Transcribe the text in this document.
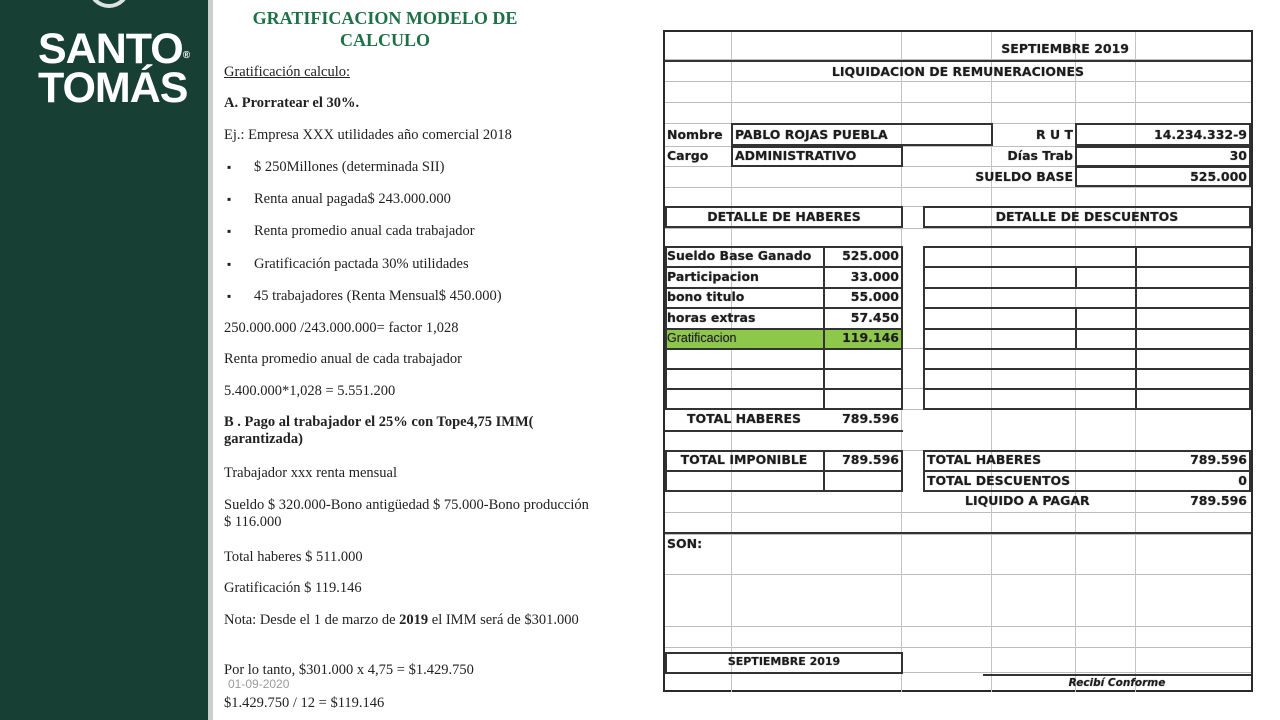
SANTO®
TOMÁS
GRATIFICACION MODELO DE CALCULO
Gratificación calculo:
A. Prorratear el 30%.
Ej.: Empresa XXX utilidades año comercial 2018
▪ $ 250Millones (determinada SII)
▪ Renta anual pagada$ 243.000.000
▪ Renta promedio anual cada trabajador
▪ Gratificación pactada 30% utilidades
▪ 45 trabajadores (Renta Mensual$ 450.000)
250.000.000 /243.000.000= factor 1,028
Renta promedio anual de cada trabajador
5.400.000*1,028 = 5.551.200
B . Pago al trabajador el 25% con Tope4,75 IMM( garantizada)
Trabajador xxx renta mensual
Sueldo $ 320.000-Bono antigüedad $ 75.000-Bono producción $ 116.000
Total haberes $ 511.000
Gratificación $ 119.146
Nota: Desde el 1 de marzo de 2019 el IMM será de $301.000
Por lo tanto, $301.000 x 4,75 = $1.429.750
$1.429.750 / 12 = $119.146
01-09-2020
SEPTIEMBRE 2019
LIQUIDACION DE REMUNERACIONES
Nombre PABLO ROJAS PUEBLA	R U T	14.234.332-9
Cargo ADMINISTRATIVO	Días Trab	30
SUELDO BASE	525.000
DETALLE DE HABERES	DETALLE DE DESCUENTOS
Sueldo Base Ganado	525.000
Participacion	33.000
bono titulo	55.000
horas extras	57.450
Gratificacion	119.146
TOTAL HABERES	789.596
TOTAL IMPONIBLE	789.596 TOTAL HABERES	789.596
TOTAL DESCUENTOS	0
LIQUIDO A PAGAR	789.596
SON:
SEPTIEMBRE 2019
Recibí Conforme
